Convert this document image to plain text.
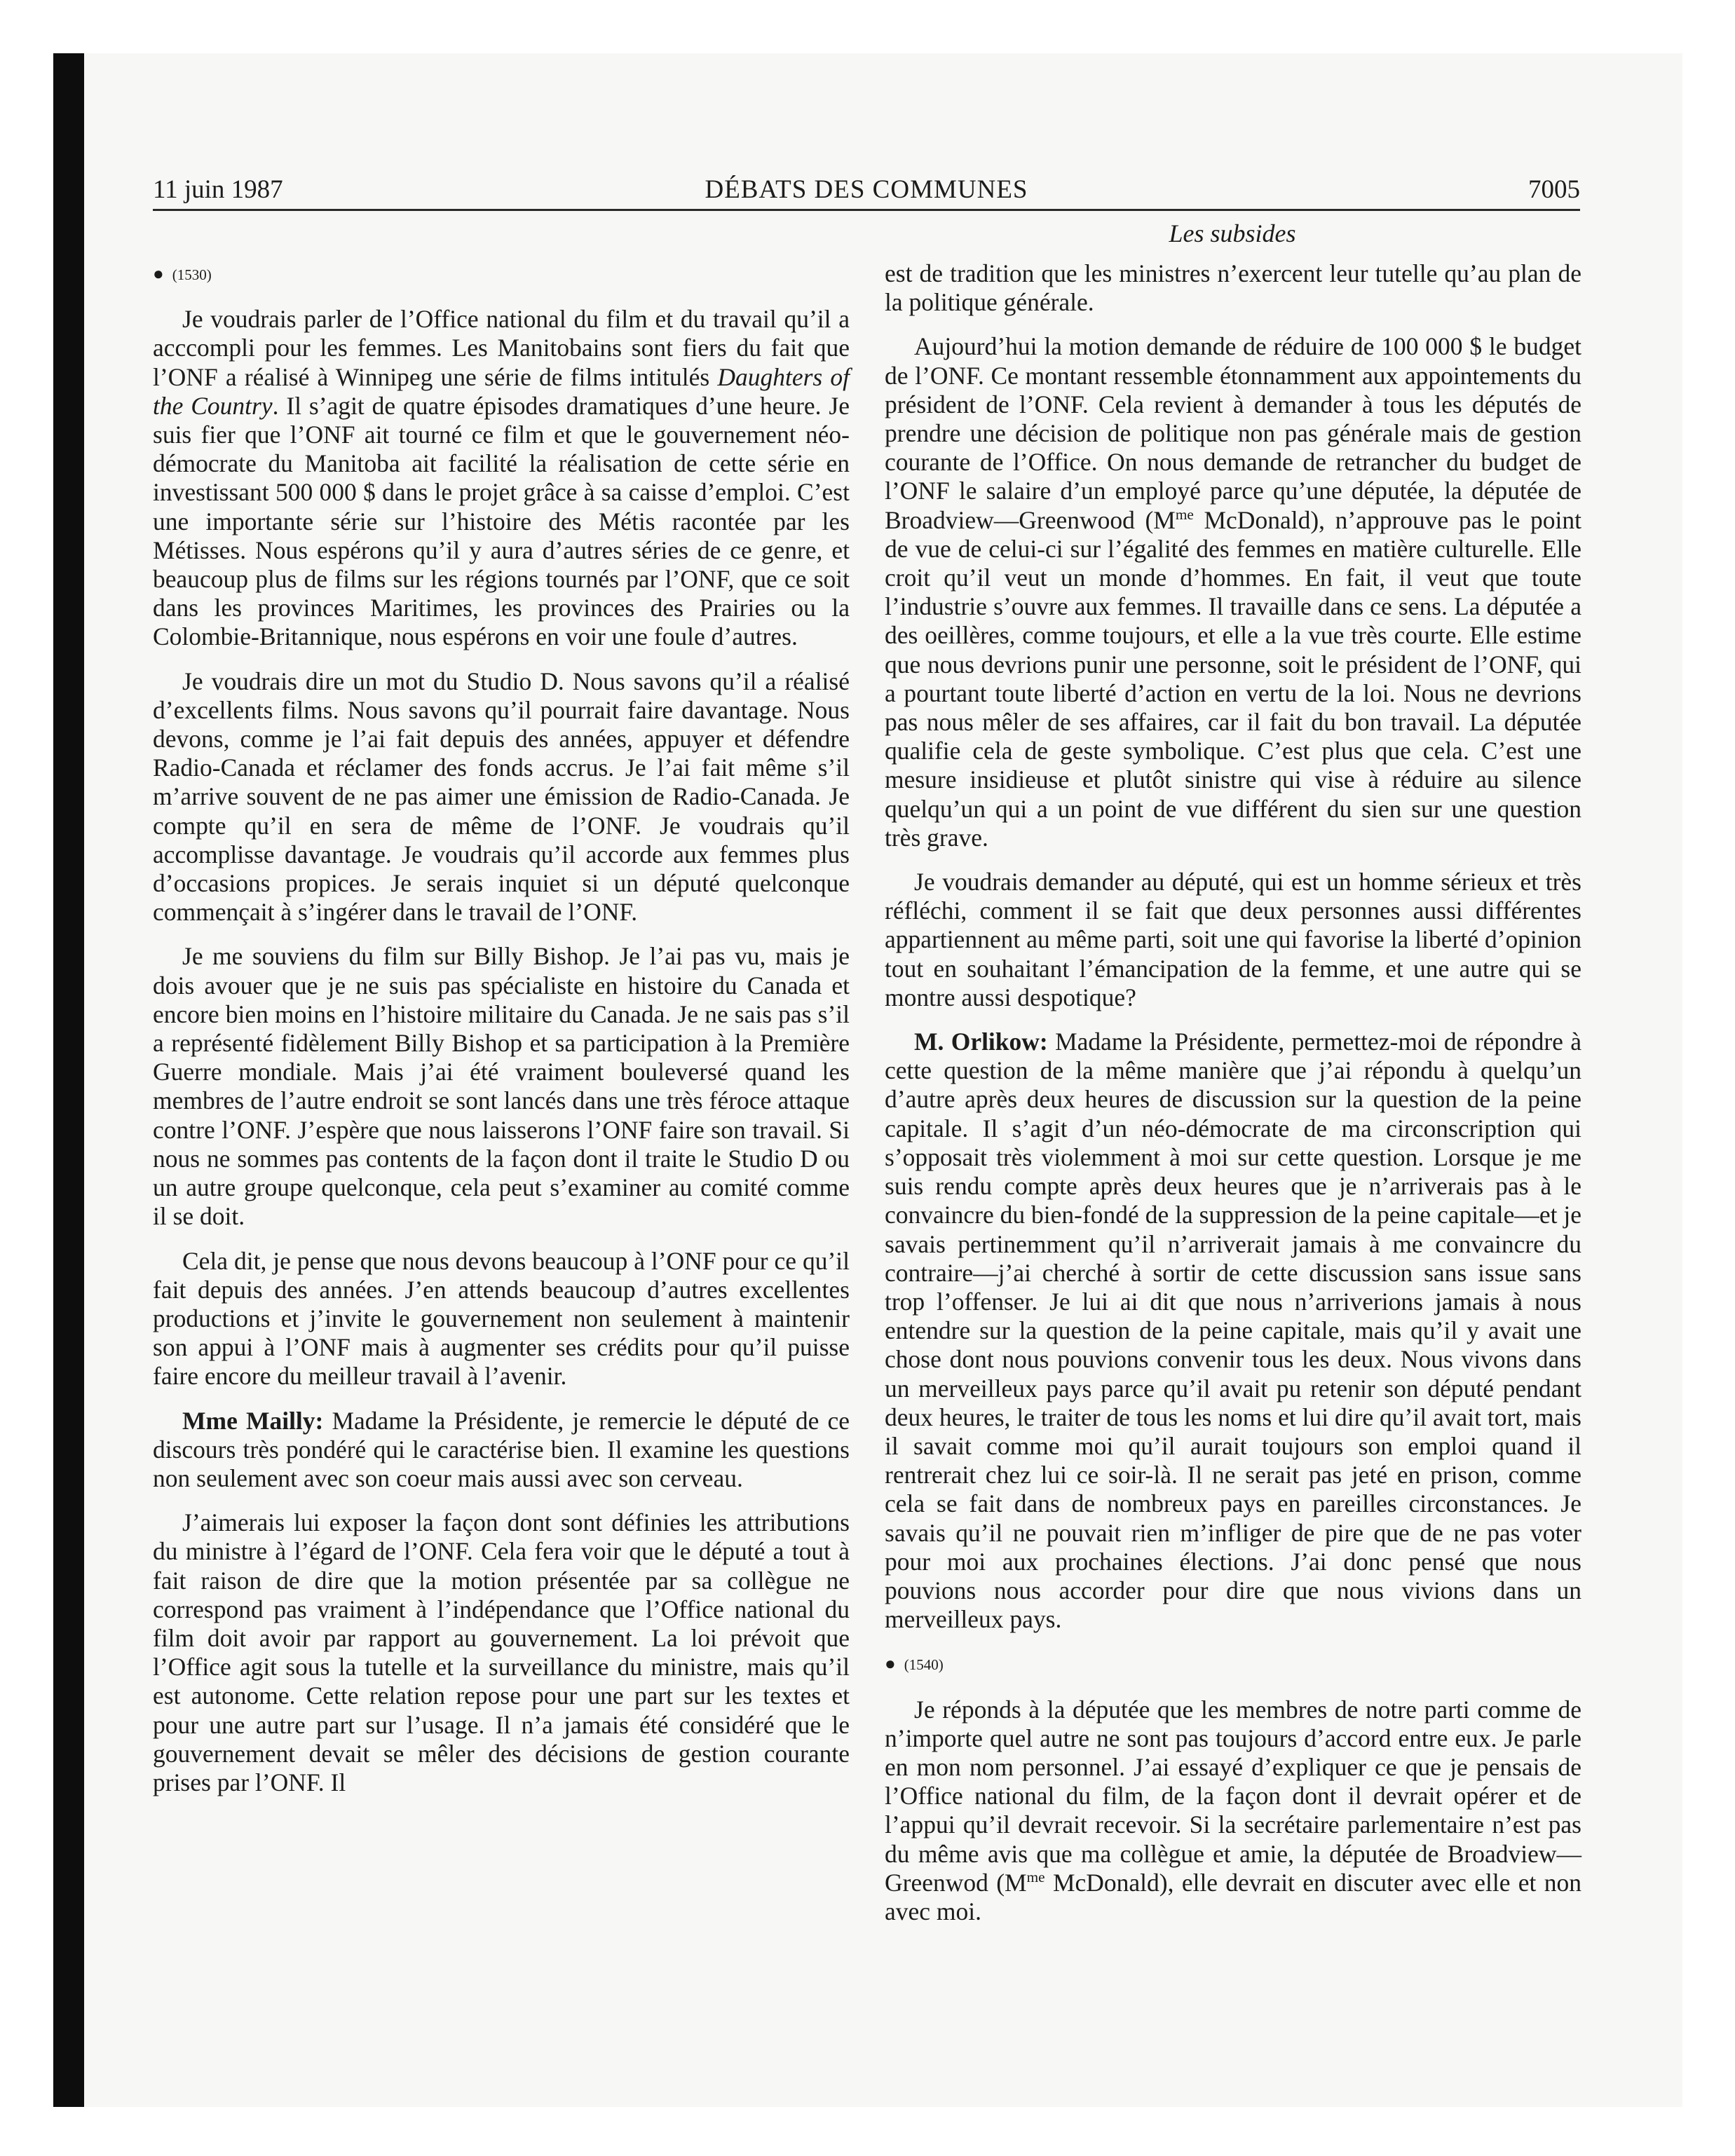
11 juin 1987	DÉBATS DES COMMUNES	7005
Les subsides

● (1530)

Je voudrais parler de l’Office national du film et du travail qu’il a acccompli pour les femmes. Les Manitobains sont fiers du fait que l’ONF a réalisé à Winnipeg une série de films intitulés Daughters of the Country. Il s’agit de quatre épisodes dramatiques d’une heure. Je suis fier que l’ONF ait tourné ce film et que le gouvernement néo-démocrate du Manitoba ait facilité la réalisation de cette série en investissant 500 000 $ dans le projet grâce à sa caisse d’emploi. C’est une importante série sur l’histoire des Métis racontée par les Métisses. Nous espérons qu’il y aura d’autres séries de ce genre, et beaucoup plus de films sur les régions tournés par l’ONF, que ce soit dans les provinces Maritimes, les provinces des Prairies ou la Colombie-Britannique, nous espérons en voir une foule d’autres.

Je voudrais dire un mot du Studio D. Nous savons qu’il a réalisé d’excellents films. Nous savons qu’il pourrait faire davantage. Nous devons, comme je l’ai fait depuis des années, appuyer et défendre Radio-Canada et réclamer des fonds accrus. Je l’ai fait même s’il m’arrive souvent de ne pas aimer une émission de Radio-Canada. Je compte qu’il en sera de même de l’ONF. Je voudrais qu’il accomplisse davantage. Je voudrais qu’il accorde aux femmes plus d’occasions propices. Je serais inquiet si un député quelconque commençait à s’ingérer dans le travail de l’ONF.

Je me souviens du film sur Billy Bishop. Je l’ai pas vu, mais je dois avouer que je ne suis pas spécialiste en histoire du Canada et encore bien moins en l’histoire militaire du Canada. Je ne sais pas s’il a représenté fidèlement Billy Bishop et sa participation à la Première Guerre mondiale. Mais j’ai été vraiment bouleversé quand les membres de l’autre endroit se sont lancés dans une très féroce attaque contre l’ONF. J’espère que nous laisserons l’ONF faire son travail. Si nous ne sommes pas contents de la façon dont il traite le Studio D ou un autre groupe quelconque, cela peut s’examiner au comité comme il se doit.

Cela dit, je pense que nous devons beaucoup à l’ONF pour ce qu’il fait depuis des années. J’en attends beaucoup d’autres excellentes productions et j’invite le gouvernement non seulement à maintenir son appui à l’ONF mais à augmenter ses crédits pour qu’il puisse faire encore du meilleur travail à l’avenir.

Mme Mailly: Madame la Présidente, je remercie le député de ce discours très pondéré qui le caractérise bien. Il examine les questions non seulement avec son coeur mais aussi avec son cerveau.

J’aimerais lui exposer la façon dont sont définies les attributions du ministre à l’égard de l’ONF. Cela fera voir que le député a tout à fait raison de dire que la motion présentée par sa collègue ne correspond pas vraiment à l’indépendance que l’Office national du film doit avoir par rapport au gouvernement. La loi prévoit que l’Office agit sous la tutelle et la surveillance du ministre, mais qu’il est autonome. Cette relation repose pour une part sur les textes et pour une autre part sur l’usage. Il n’a jamais été considéré que le gouvernement devait se mêler des décisions de gestion courante prises par l’ONF. Il

est de tradition que les ministres n’exercent leur tutelle qu’au plan de la politique générale.

Aujourd’hui la motion demande de réduire de 100 000 $ le budget de l’ONF. Ce montant ressemble étonnamment aux appointements du président de l’ONF. Cela revient à demander à tous les députés de prendre une décision de politique non pas générale mais de gestion courante de l’Office. On nous demande de retrancher du budget de l’ONF le salaire d’un employé parce qu’une députée, la députée de Broadview—Greenwood ($M^{me}$ McDonald), n’approuve pas le point de vue de celui-ci sur l’égalité des femmes en matière culturelle. Elle croit qu’il veut un monde d’hommes. En fait, il veut que toute l’industrie s’ouvre aux femmes. Il travaille dans ce sens. La députée a des oeillères, comme toujours, et elle a la vue très courte. Elle estime que nous devrions punir une personne, soit le président de l’ONF, qui a pourtant toute liberté d’action en vertu de la loi. Nous ne devrions pas nous mêler de ses affaires, car il fait du bon travail. La députée qualifie cela de geste symbolique. C’est plus que cela. C’est une mesure insidieuse et plutôt sinistre qui vise à réduire au silence quelqu’un qui a un point de vue différent du sien sur une question très grave.

Je voudrais demander au député, qui est un homme sérieux et très réfléchi, comment il se fait que deux personnes aussi différentes appartiennent au même parti, soit une qui favorise la liberté d’opinion tout en souhaitant l’émancipation de la femme, et une autre qui se montre aussi despotique?

M. Orlikow: Madame la Présidente, permettez-moi de répondre à cette question de la même manière que j’ai répondu à quelqu’un d’autre après deux heures de discussion sur la question de la peine capitale. Il s’agit d’un néo-démocrate de ma circonscription qui s’opposait très violemment à moi sur cette question. Lorsque je me suis rendu compte après deux heures que je n’arriverais pas à le convaincre du bien-fondé de la suppression de la peine capitale—et je savais pertinemment qu’il n’arriverait jamais à me convaincre du contraire—j’ai cherché à sortir de cette discussion sans issue sans trop l’offenser. Je lui ai dit que nous n’arriverions jamais à nous entendre sur la question de la peine capitale, mais qu’il y avait une chose dont nous pouvions convenir tous les deux. Nous vivons dans un merveilleux pays parce qu’il avait pu retenir son député pendant deux heures, le traiter de tous les noms et lui dire qu’il avait tort, mais il savait comme moi qu’il aurait toujours son emploi quand il rentrerait chez lui ce soir-là. Il ne serait pas jeté en prison, comme cela se fait dans de nombreux pays en pareilles circonstances. Je savais qu’il ne pouvait rien m’infliger de pire que de ne pas voter pour moi aux prochaines élections. J’ai donc pensé que nous pouvions nous accorder pour dire que nous vivions dans un merveilleux pays.

● (1540)

Je réponds à la députée que les membres de notre parti comme de n’importe quel autre ne sont pas toujours d’accord entre eux. Je parle en mon nom personnel. J’ai essayé d’expliquer ce que je pensais de l’Office national du film, de la façon dont il devrait opérer et de l’appui qu’il devrait recevoir. Si la secrétaire parlementaire n’est pas du même avis que ma collègue et amie, la députée de Broadview—Greenwod ($M^{me}$ McDonald), elle devrait en discuter avec elle et non avec moi.
